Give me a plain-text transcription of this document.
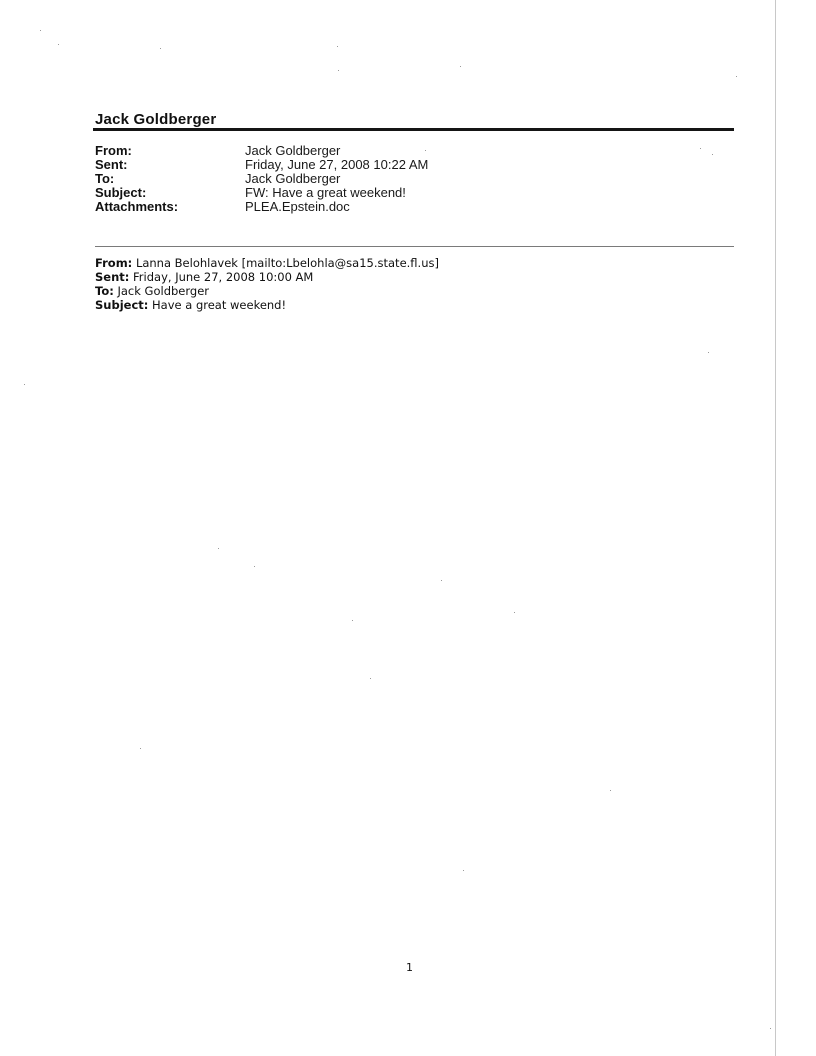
Jack Goldberger
From:	Jack Goldberger
Sent:	Friday, June 27, 2008 10:22 AM
To:	Jack Goldberger
Subject:	FW: Have a great weekend!
Attachments:	PLEA.Epstein.doc
From: Lanna Belohlavek [mailto:Lbelohla@sa15.state.fl.us]
Sent: Friday, June 27, 2008 10:00 AM
To: Jack Goldberger
Subject: Have a great weekend!
1
